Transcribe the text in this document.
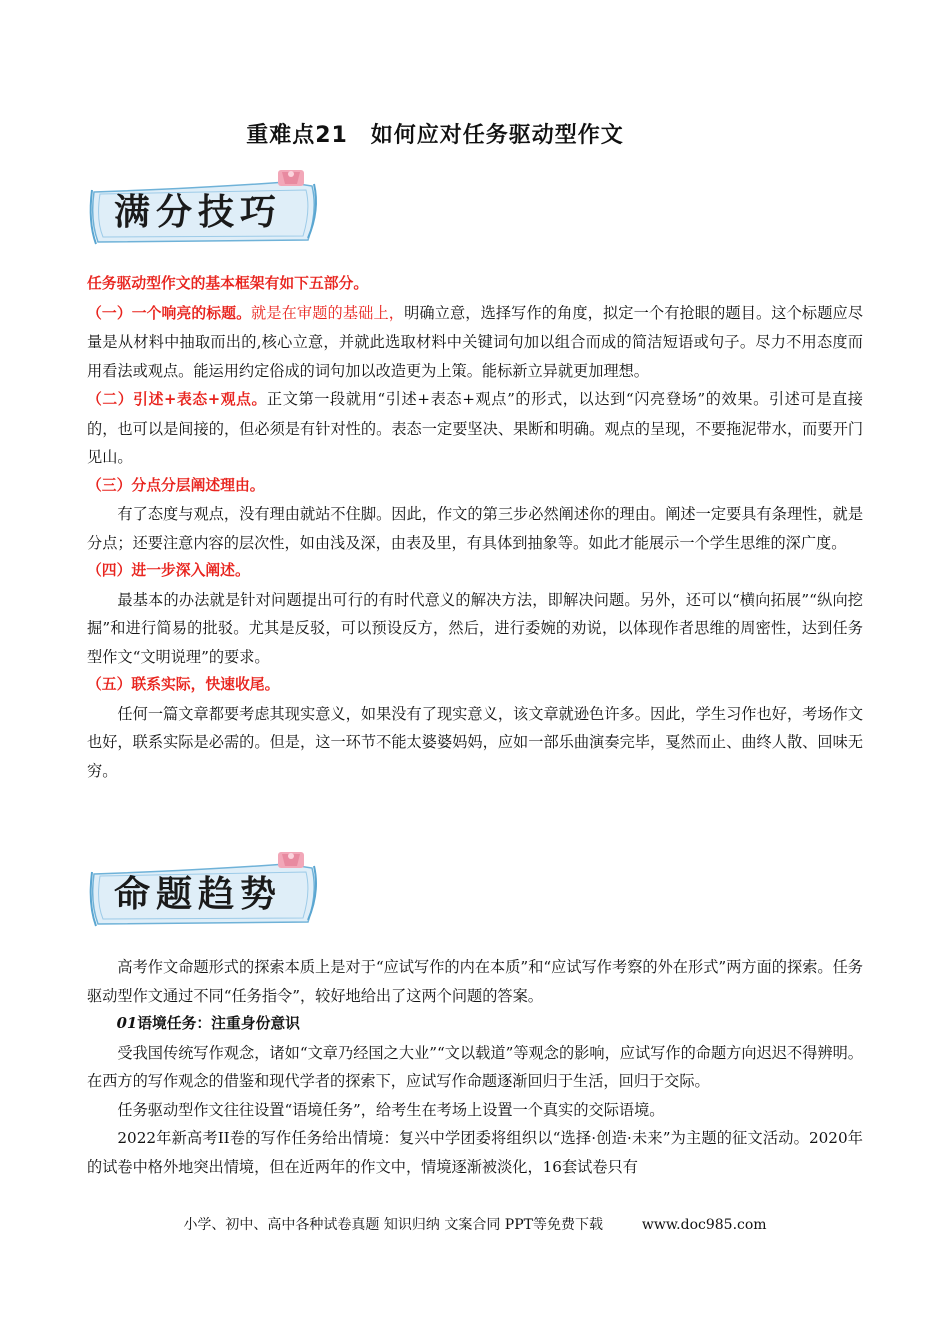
重难点21　如何应对任务驱动型作文
满分技巧

任务驱动型作文的基本框架有如下五部分。

（一）一个响亮的标题。就是在审题的基础上，明确立意，选择写作的角度，拟定一个有抢眼的题目。这个标题应尽量是从材料中抽取而出的,核心立意，并就此选取材料中关键词句加以组合而成的简洁短语或句子。尽力不用态度而用看法或观点。能运用约定俗成的词句加以改造更为上策。能标新立异就更加理想。

（二）引述+表态+观点。正文第一段就用“引述+表态+观点”的形式，以达到“闪亮登场”的效果。引述可是直接的，也可以是间接的，但必须是有针对性的。表态一定要坚决、果断和明确。观点的呈现，不要拖泥带水，而要开门见山。

（三）分点分层阐述理由。

有了态度与观点，没有理由就站不住脚。因此，作文的第三步必然阐述你的理由。阐述一定要具有条理性，就是分点；还要注意内容的层次性，如由浅及深，由表及里，有具体到抽象等。如此才能展示一个学生思维的深广度。

（四）进一步深入阐述。

最基本的办法就是针对问题提出可行的有时代意义的解决方法，即解决问题。另外，还可以“横向拓展”“纵向挖掘”和进行简易的批驳。尤其是反驳，可以预设反方，然后，进行委婉的劝说，以体现作者思维的周密性，达到任务型作文“文明说理”的要求。

（五）联系实际，快速收尾。

任何一篇文章都要考虑其现实意义，如果没有了现实意义，该文章就逊色许多。因此，学生习作也好，考场作文也好，联系实际是必需的。但是，这一环节不能太婆婆妈妈，应如一部乐曲演奏完毕，戛然而止、曲终人散、回味无穷。

命题趋势

高考作文命题形式的探索本质上是对于“应试写作的内在本质”和“应试写作考察的外在形式”两方面的探索。任务驱动型作文通过不同“任务指令”，较好地给出了这两个问题的答案。

01语境任务：注重身份意识

受我国传统写作观念，诸如“文章乃经国之大业”“文以载道”等观念的影响，应试写作的命题方向迟迟不得辨明。在西方的写作观念的借鉴和现代学者的探索下，应试写作命题逐渐回归于生活，回归于交际。

任务驱动型作文往往设置“语境任务”，给考生在考场上设置一个真实的交际语境。

2022年新高考II卷的写作任务给出情境：复兴中学团委将组织以“选择·创造·未来”为主题的征文活动。2020年的试卷中格外地突出情境，但在近两年的作文中，情境逐渐被淡化，16套试卷只有

小学、初中、高中各种试卷真题 知识归纳 文案合同 PPT等免费下载	www.doc985.com
